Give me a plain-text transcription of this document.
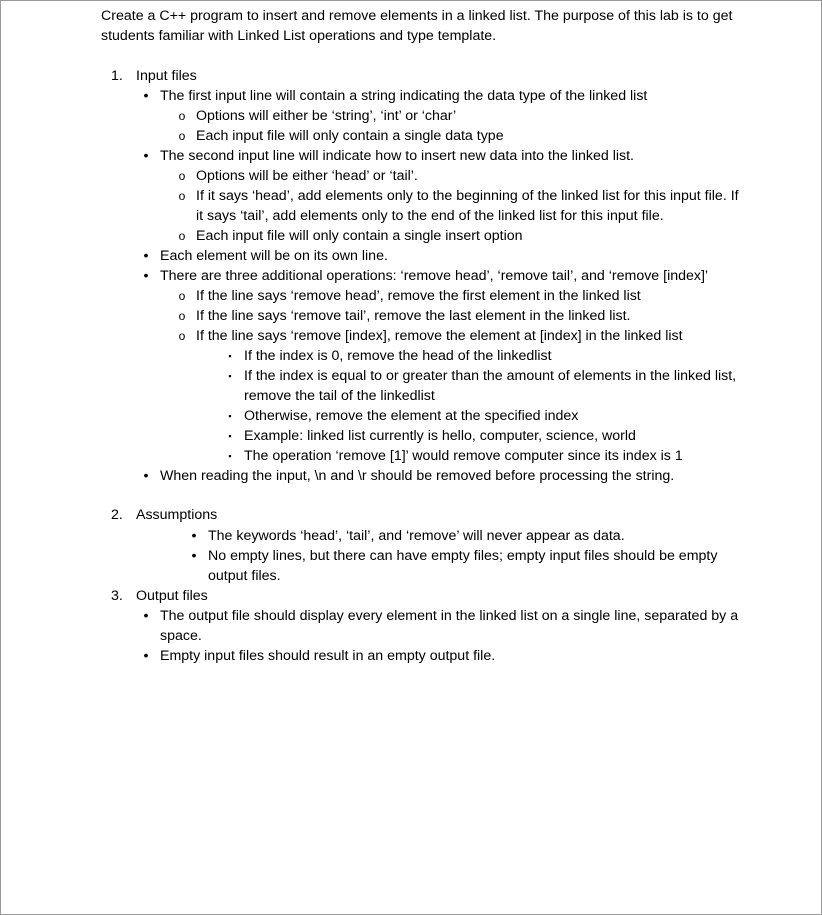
Create a C++ program to insert and remove elements in a linked list. The purpose of this lab is to get students familiar with Linked List operations and type template.

1. Input files
• The first input line will contain a string indicating the data type of the linked list
o Options will either be ‘string’, ‘int’ or ‘char’
o Each input file will only contain a single data type
• The second input line will indicate how to insert new data into the linked list.
o Options will be either ‘head’ or ‘tail’.
o If it says ‘head’, add elements only to the beginning of the linked list for this input file. If it says ‘tail’, add elements only to the end of the linked list for this input file.
o Each input file will only contain a single insert option
• Each element will be on its own line.
• There are three additional operations: ‘remove head’, ‘remove tail’, and ‘remove [index]’
o If the line says ‘remove head’, remove the first element in the linked list
o If the line says ‘remove tail’, remove the last element in the linked list.
o If the line says ‘remove [index], remove the element at [index] in the linked list
▪ If the index is 0, remove the head of the linkedlist
▪ If the index is equal to or greater than the amount of elements in the linked list, remove the tail of the linkedlist
▪ Otherwise, remove the element at the specified index
▪ Example: linked list currently is hello, computer, science, world
▪ The operation ‘remove [1]’ would remove computer since its index is 1
• When reading the input, \n and \r should be removed before processing the string.
2. Assumptions
• The keywords ‘head’, ‘tail’, and ‘remove’ will never appear as data.
• No empty lines, but there can have empty files; empty input files should be empty output files.
3. Output files
• The output file should display every element in the linked list on a single line, separated by a space.
• Empty input files should result in an empty output file.
